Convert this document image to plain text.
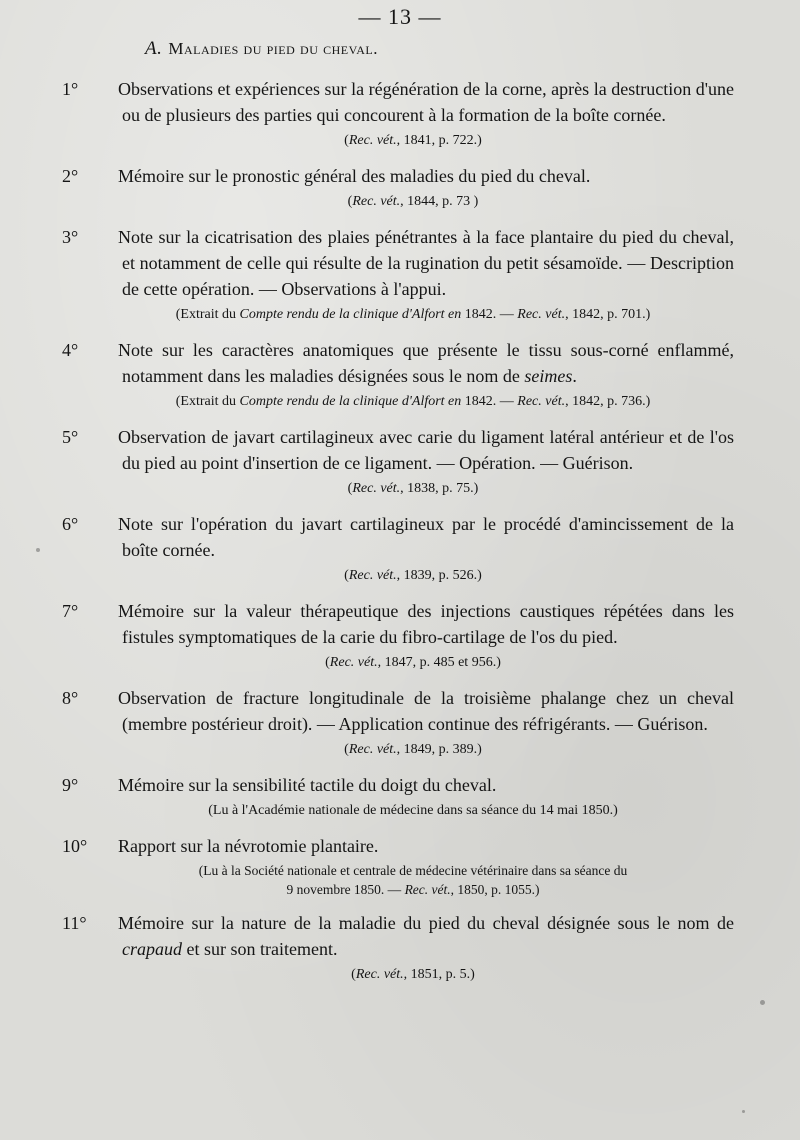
— 13 —
A. Maladies du pied du cheval.
1° Observations et expériences sur la régénération de la corne, après la destruction d'une ou de plusieurs des parties qui concourent à la formation de la boîte cornée.
(Rec. vét., 1841, p. 722.)
2° Mémoire sur le pronostic général des maladies du pied du cheval.
(Rec. vét., 1844, p. 73 )
3° Note sur la cicatrisation des plaies pénétrantes à la face plantaire du pied du cheval, et notamment de celle qui résulte de la rugination du petit sésamoïde. — Description de cette opération. — Observations à l'appui.
(Extrait du Compte rendu de la clinique d'Alfort en 1842. — Rec. vét., 1842, p. 701.)
4° Note sur les caractères anatomiques que présente le tissu sous-corné enflammé, notamment dans les maladies désignées sous le nom de seimes.
(Extrait du Compte rendu de la clinique d'Alfort en 1842. — Rec. vét., 1842, p. 736.)
5° Observation de javart cartilagineux avec carie du ligament latéral antérieur et de l'os du pied au point d'insertion de ce ligament. — Opération. — Guérison.
(Rec. vét., 1838, p. 75.)
6° Note sur l'opération du javart cartilagineux par le procédé d'amincissement de la boîte cornée.
(Rec. vét., 1839, p. 526.)
7° Mémoire sur la valeur thérapeutique des injections caustiques répétées dans les fistules symptomatiques de la carie du fibro-cartilage de l'os du pied.
(Rec. vét., 1847, p. 485 et 956.)
8° Observation de fracture longitudinale de la troisième phalange chez un cheval (membre postérieur droit). — Application continue des réfrigérants. — Guérison.
(Rec. vét., 1849, p. 389.)
9° Mémoire sur la sensibilité tactile du doigt du cheval.
(Lu à l'Académie nationale de médecine dans sa séance du 14 mai 1850.)
10° Rapport sur la névrotomie plantaire.
(Lu à la Société nationale et centrale de médecine vétérinaire dans sa séance du
9 novembre 1850. — Rec. vét., 1850, p. 1055.)
11° Mémoire sur la nature de la maladie du pied du cheval désignée sous le nom de crapaud et sur son traitement.
(Rec. vét., 1851, p. 5.)
